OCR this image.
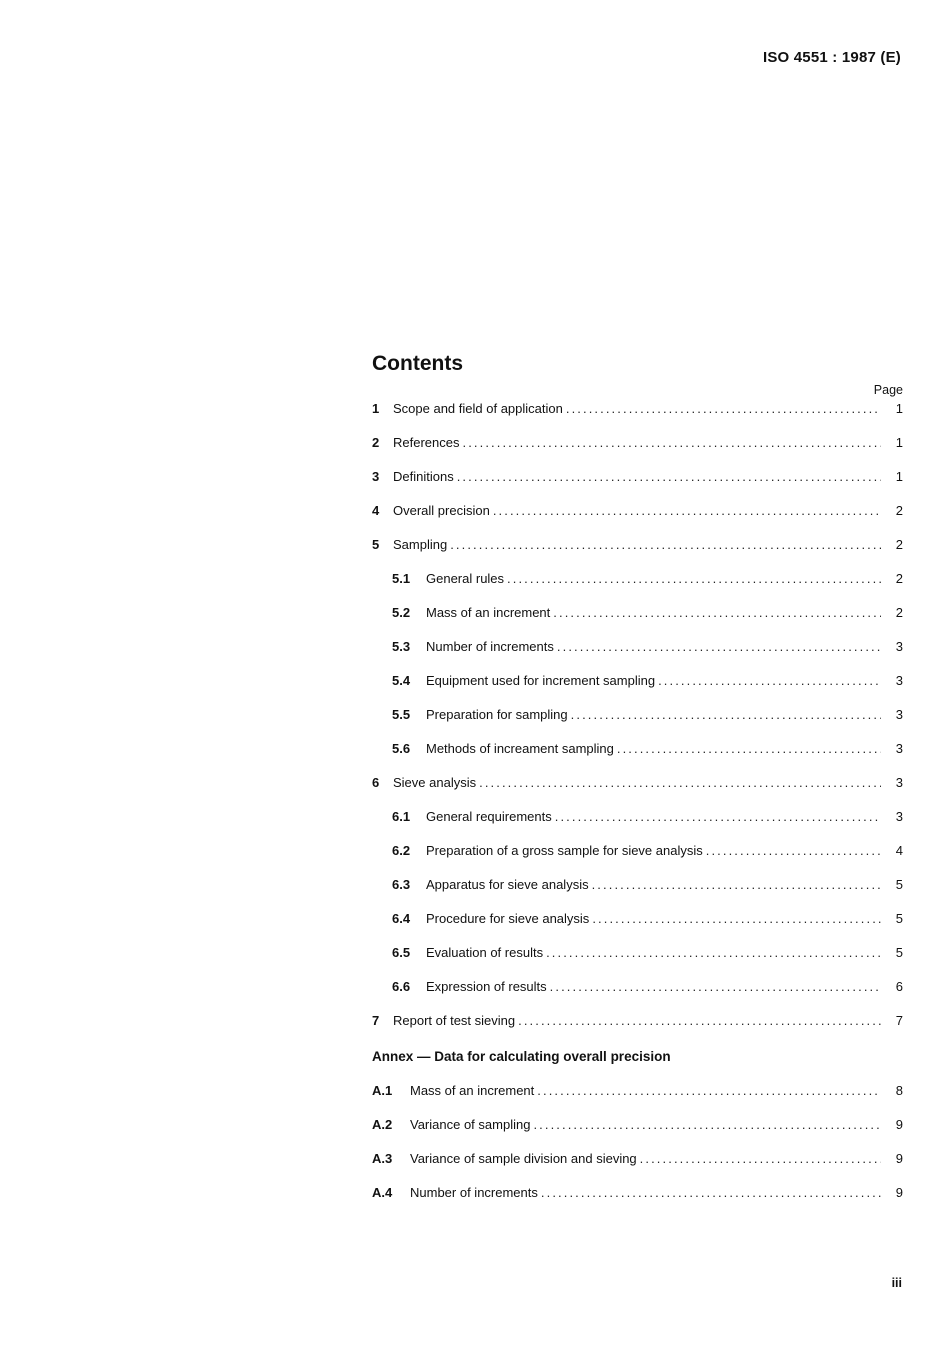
ISO 4551 : 1987 (E)
Contents
Page
1	Scope and field of application .....	1
2	References .....	1
3	Definitions .....	1
4	Overall precision .....	2
5	Sampling .....	2
5.1	General rules .....	2
5.2	Mass of an increment .....	2
5.3	Number of increments .....	3
5.4	Equipment used for increment sampling .....	3
5.5	Preparation for sampling .....	3
5.6	Methods of increament sampling .....	3
6	Sieve analysis .....	3
6.1	General requirements .....	3
6.2	Preparation of a gross sample for sieve analysis .....	4
6.3	Apparatus for sieve analysis .....	5
6.4	Procedure for sieve analysis .....	5
6.5	Evaluation of results .....	5
6.6	Expression of results .....	6
7	Report of test sieving .....	7
Annex — Data for calculating overall precision
A.1	Mass of an increment .....	8
A.2	Variance of sampling .....	9
A.3	Variance of sample division and sieving .....	9
A.4	Number of increments .....	9
iii
